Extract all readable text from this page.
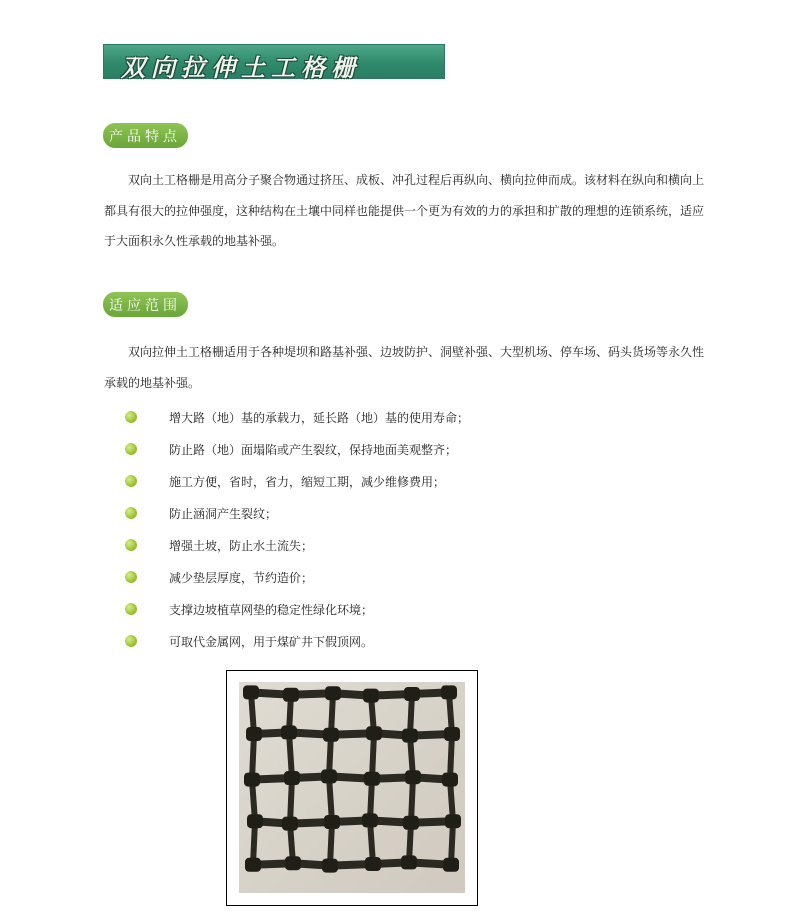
双向拉伸土工格栅
产品特点

双向土工格栅是用高分子聚合物通过挤压、成板、冲孔过程后再纵向、横向拉伸而成。该材料在纵向和横向上都具有很大的拉伸强度，这种结构在土壤中同样也能提供一个更为有效的力的承担和扩散的理想的连锁系统，适应于大面积永久性承载的地基补强。

适应范围

双向拉伸土工格栅适用于各种堤坝和路基补强、边坡防护、洞壁补强、大型机场、停车场、码头货场等永久性承载的地基补强。

增大路（地）基的承载力，延长路（地）基的使用寿命；
防止路（地）面塌陷或产生裂纹，保持地面美观整齐；
施工方便，省时，省力，缩短工期，减少维修费用；
防止涵洞产生裂纹；
增强土坡，防止水土流失；
减少垫层厚度，节约造价；
支撑边坡植草网垫的稳定性绿化环境；
可取代金属网，用于煤矿井下假顶网。
